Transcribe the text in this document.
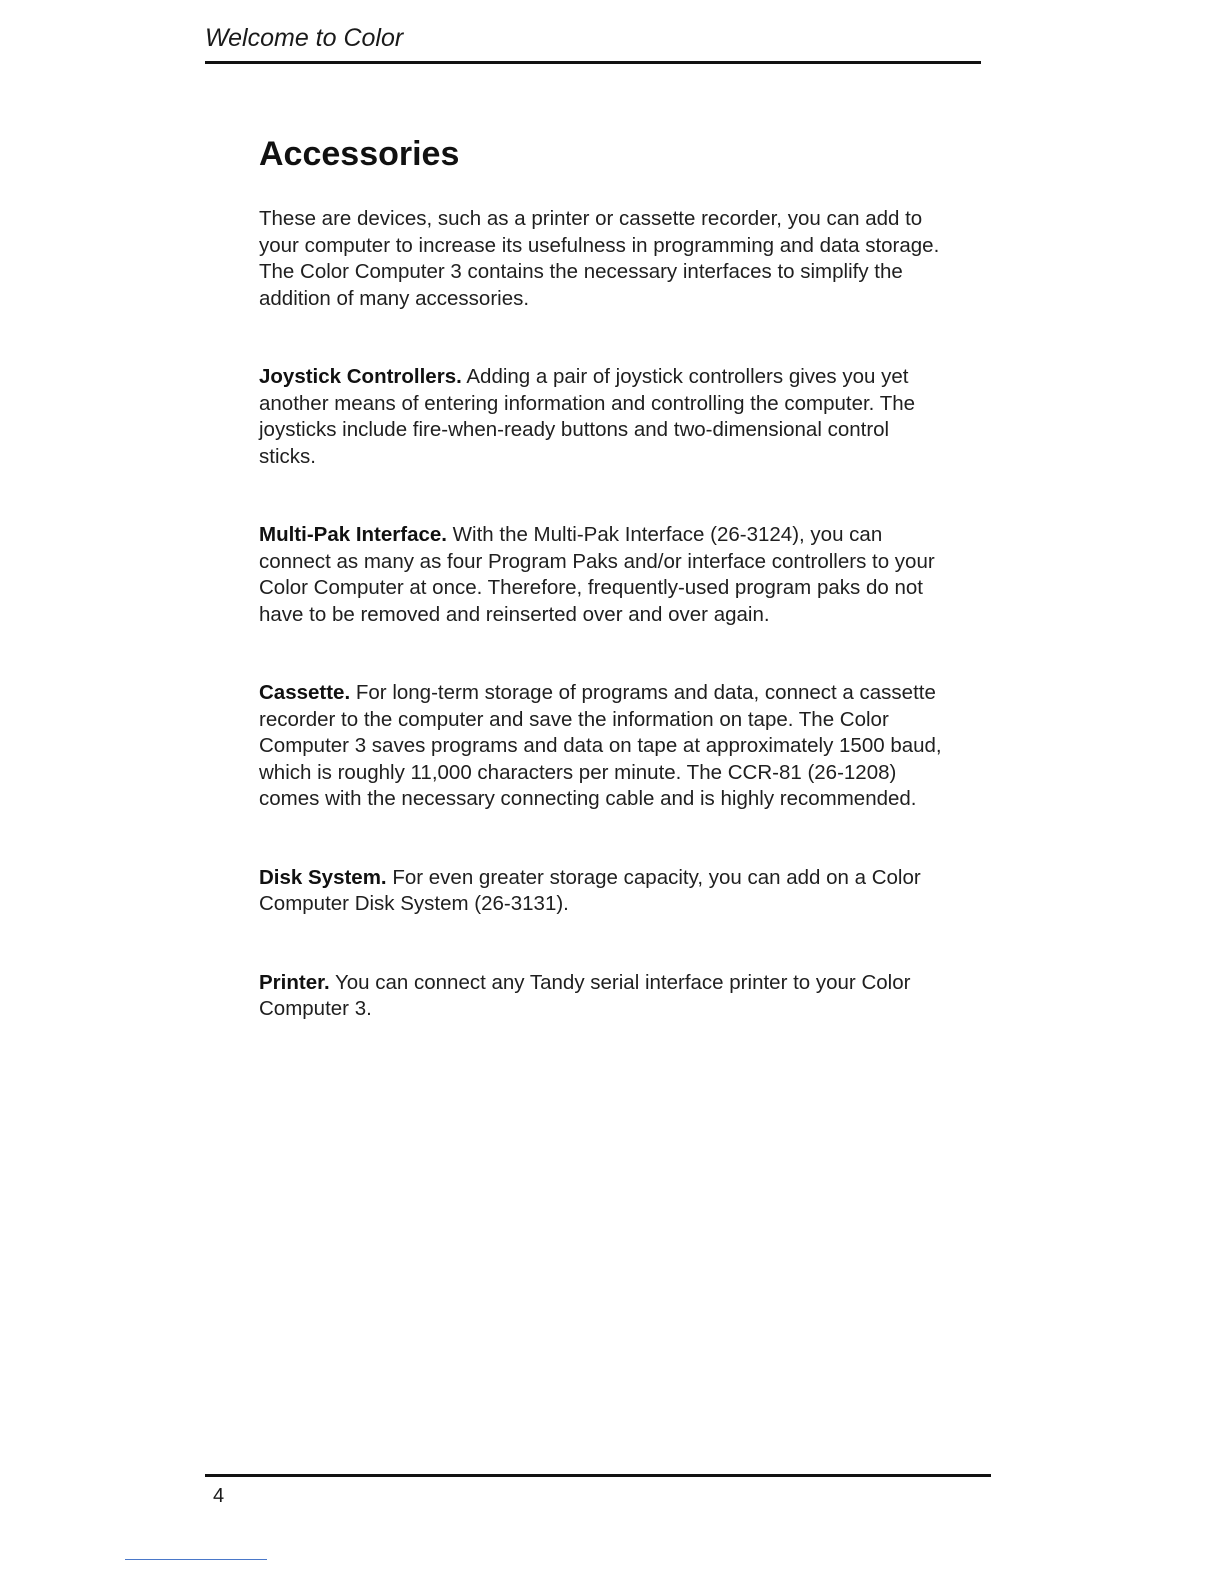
Welcome to Color
Accessories

These are devices, such as a printer or cassette recorder, you can add to your computer to increase its usefulness in programming and data storage. The Color Computer 3 contains the necessary interfaces to simplify the addition of many accessories.

Joystick Controllers. Adding a pair of joystick controllers gives you yet another means of entering information and controlling the computer. The joysticks include fire-when-ready buttons and two-dimensional control sticks.

Multi-Pak Interface. With the Multi-Pak Interface (26-3124), you can connect as many as four Program Paks and/or interface controllers to your Color Computer at once. Therefore, frequently-used program paks do not have to be removed and reinserted over and over again.

Cassette. For long-term storage of programs and data, connect a cassette recorder to the computer and save the information on tape. The Color Computer 3 saves programs and data on tape at approximately 1500 baud, which is roughly 11,000 characters per minute. The CCR-81 (26-1208) comes with the necessary connecting cable and is highly recommended.

Disk System. For even greater storage capacity, you can add on a Color Computer Disk System (26-3131).

Printer. You can connect any Tandy serial interface printer to your Color Computer 3.

4
